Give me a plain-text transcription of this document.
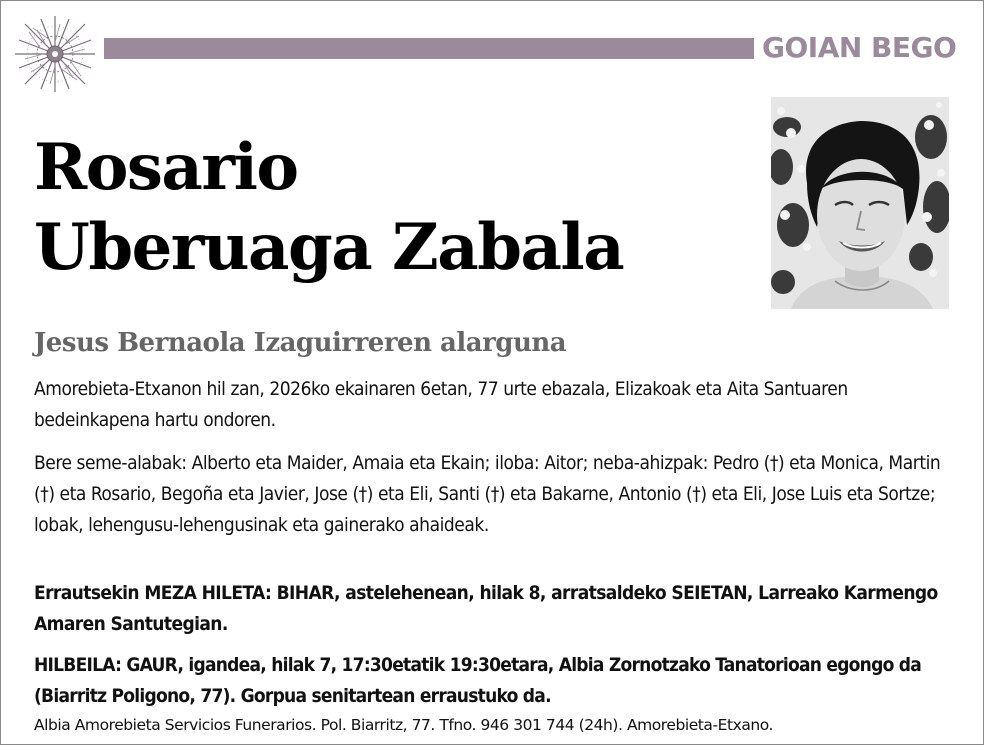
GOIAN BEGO
Rosario
Uberuaga Zabala
Jesus Bernaola Izaguirreren alarguna
Amorebieta-Etxanon hil zan, 2026ko ekainaren 6etan, 77 urte ebazala, Elizakoak eta Aita Santuaren bedeinkapena hartu ondoren.
Bere seme-alabak: Alberto eta Maider, Amaia eta Ekain; iloba: Aitor; neba-ahizpak: Pedro (†) eta Monica, Martin (†) eta Rosario, Begoña eta Javier, Jose (†) eta Eli, Santi (†) eta Bakarne, Antonio (†) eta Eli, Jose Luis eta Sortze; lobak, lehengusu-lehengusinak eta gainerako ahaideak.
Errautsekin MEZA HILETA: BIHAR, astelehenean, hilak 8, arratsaldeko SEIETAN, Larreako Karmengo Amaren Santutegian.
HILBEILA: GAUR, igandea, hilak 7, 17:30etatik 19:30etara, Albia Zornotzako Tanatorioan egongo da (Biarritz Poligono, 77). Gorpua senitartean erraustuko da.
Albia Amorebieta Servicios Funerarios. Pol. Biarritz, 77. Tfno. 946 301 744 (24h). Amorebieta-Etxano.
